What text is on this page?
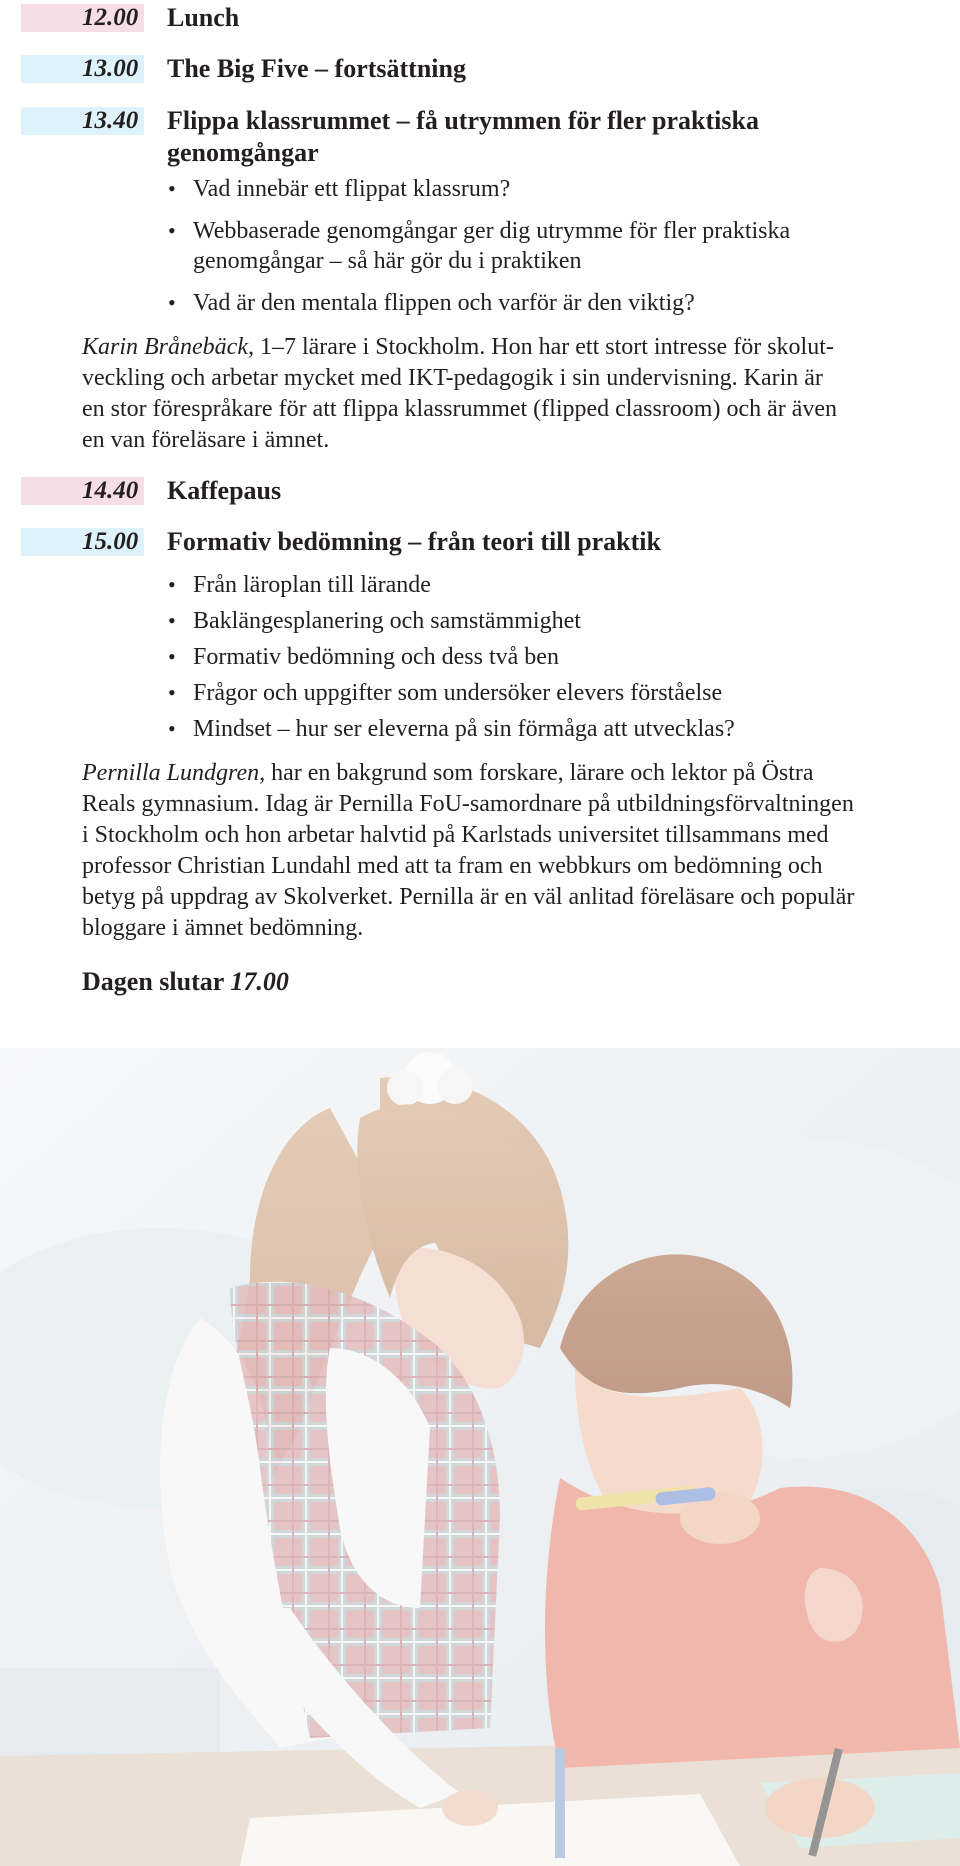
12.00 Lunch
13.00 The Big Five – fortsättning
13.40 Flippa klassrummet – få utrymmen för fler praktiska
genomgångar
• Vad innebär ett flippat klassrum?
• Webbaserade genomgångar ger dig utrymme för fler praktiska genomgångar – så här gör du i praktiken
• Vad är den mentala flippen och varför är den viktig?

Karin Brånebäck, 1–7 lärare i Stockholm. Hon har ett stort intresse för skolut-
veckling och arbetar mycket med IKT-pedagogik i sin undervisning. Karin är
en stor förespråkare för att flippa klassrummet (flipped classroom) och är även
en van föreläsare i ämnet.

14.40 Kaffepaus
15.00 Formativ bedömning – från teori till praktik
• Från läroplan till lärande
• Baklängesplanering och samstämmighet
• Formativ bedömning och dess två ben
• Frågor och uppgifter som undersöker elevers förståelse
• Mindset – hur ser eleverna på sin förmåga att utvecklas?

Pernilla Lundgren, har en bakgrund som forskare, lärare och lektor på Östra
Reals gymnasium. Idag är Pernilla FoU-samordnare på utbildningsförvaltningen
i Stockholm och hon arbetar halvtid på Karlstads universitet tillsammans med
professor Christian Lundahl med att ta fram en webbkurs om bedömning och
betyg på uppdrag av Skolverket. Pernilla är en väl anlitad föreläsare och populär
bloggare i ämnet bedömning.

Dagen slutar 17.00
